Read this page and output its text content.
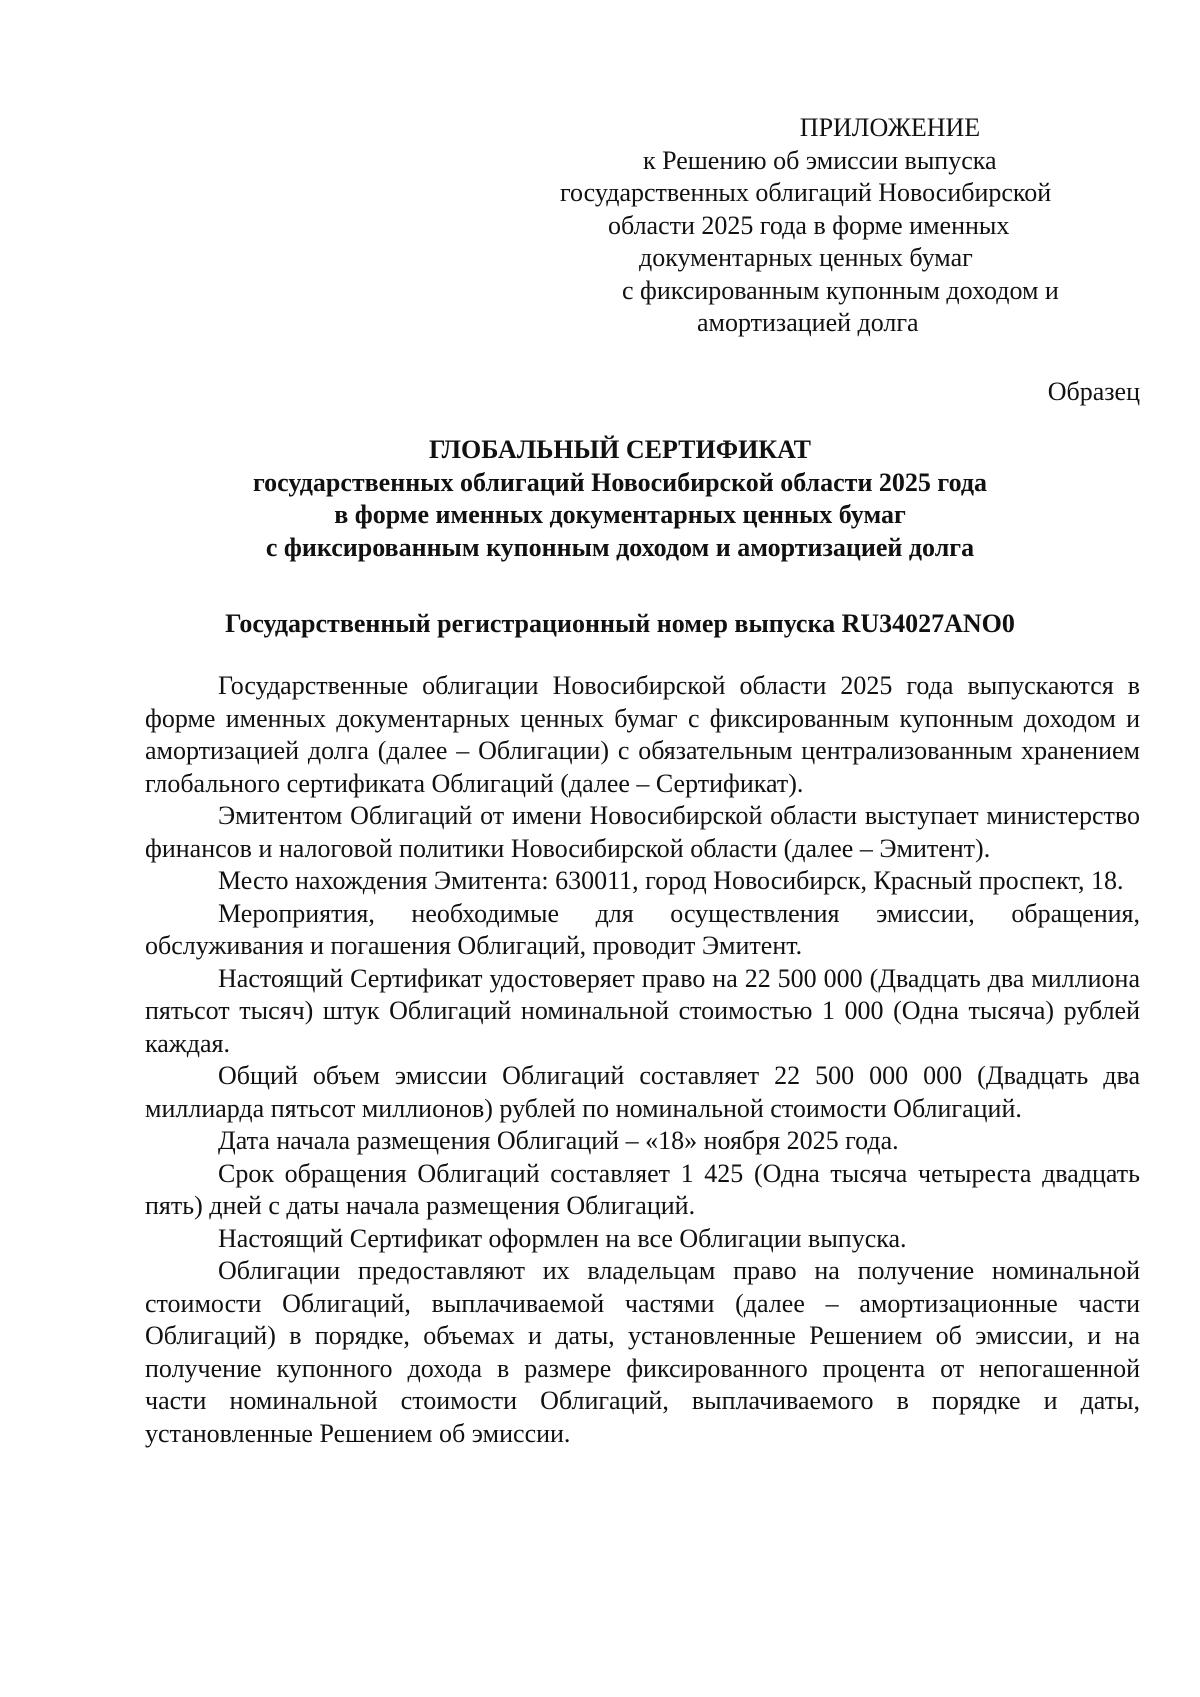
ПРИЛОЖЕНИЕ
к Решению об эмиссии выпуска
государственных облигаций Новосибирской
области 2025 года в форме именных
документарных ценных бумаг
с фиксированным купонным доходом и
амортизацией долга
Образец
ГЛОБАЛЬНЫЙ СЕРТИФИКАТ
государственных облигаций Новосибирской области 2025 года
в форме именных документарных ценных бумаг
с фиксированным купонным доходом и амортизацией долга
Государственный регистрационный номер выпуска RU34027ANO0

Государственные облигации Новосибирской области 2025 года выпускаются в форме именных документарных ценных бумаг с фиксированным купонным доходом и амортизацией долга (далее – Облигации) с обязательным централизованным хранением глобального сертификата Облигаций (далее – Сертификат).

Эмитентом Облигаций от имени Новосибирской области выступает министерство финансов и налоговой политики Новосибирской области (далее – Эмитент).

Место нахождения Эмитента: 630011, город Новосибирск, Красный проспект, 18.

Мероприятия, необходимые для осуществления эмиссии, обращения, обслуживания и погашения Облигаций, проводит Эмитент.

Настоящий Сертификат удостоверяет право на 22 500 000 (Двадцать два миллиона пятьсот тысяч) штук Облигаций номинальной стоимостью 1 000 (Одна тысяча) рублей каждая.

Общий объем эмиссии Облигаций составляет 22 500 000 000 (Двадцать два миллиарда пятьсот миллионов) рублей по номинальной стоимости Облигаций.

Дата начала размещения Облигаций – «18» ноября 2025 года.

Срок обращения Облигаций составляет 1 425 (Одна тысяча четыреста двадцать пять) дней с даты начала размещения Облигаций.

Настоящий Сертификат оформлен на все Облигации выпуска.

Облигации предоставляют их владельцам право на получение номинальной стоимости Облигаций, выплачиваемой частями (далее – амортизационные части Облигаций) в порядке, объемах и даты, установленные Решением об эмиссии, и на получение купонного дохода в размере фиксированного процента от непогашенной части номинальной стоимости Облигаций, выплачиваемого в порядке и даты, установленные Решением об эмиссии.
